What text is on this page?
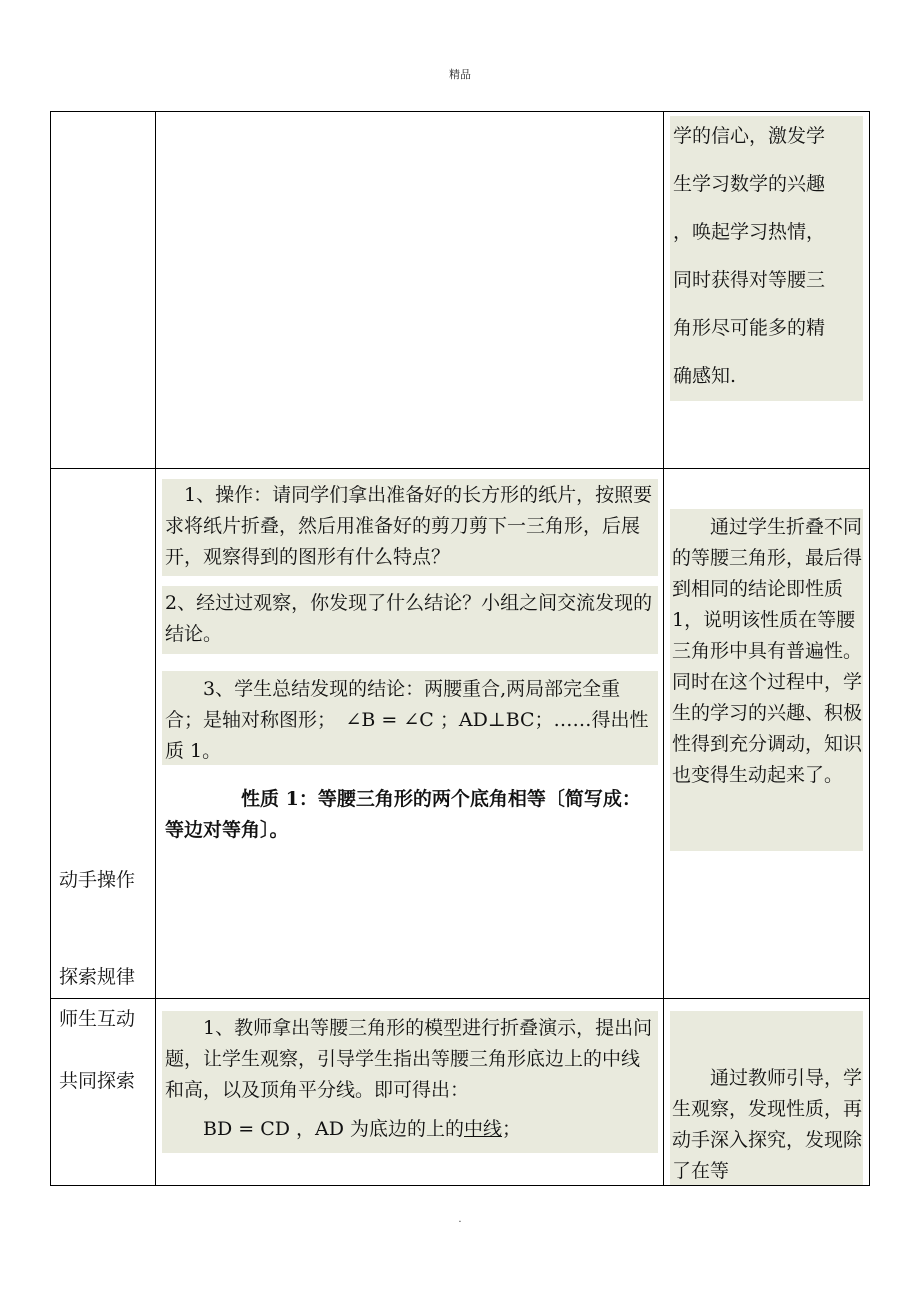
精品

学的信心，激发学

生学习数学的兴趣

，唤起学习热情，

同时获得对等腰三

角形尽可能多的精

确感知.

动手操作
探索规律

　1、操作：请同学们拿出准备好的长方形的纸片，按照要求将纸片折叠，然后用准备好的剪刀剪下一三角形，后展开，观察得到的图形有什么特点？

2、经过过观察，你发现了什么结论？小组之间交流发现的结论。

　　3、学生总结发现的结论：两腰重合,两局部完全重合；是轴对称图形；　∠B = ∠C ；AD⊥BC；……得出性质 1。

　　　　性质 1：等腰三角形的两个底角相等〔简写成：等边对等角〕。

　　通过学生折叠不同的等腰三角形，最后得到相同的结论即性质 1，说明该性质在等腰三角形中具有普遍性。同时在这个过程中，学生的学习的兴趣、积极性得到充分调动，知识也变得生动起来了。

师生互动
共同探索

　　1、教师拿出等腰三角形的模型进行折叠演示，提出问题，让学生观察，引导学生指出等腰三角形底边上的中线和高，以及顶角平分线。即可得出：

　　BD = CD ，AD 为底边的上的中线；

　　通过教师引导，学生观察，发现性质，再动手深入探究，发现除了在等

.
